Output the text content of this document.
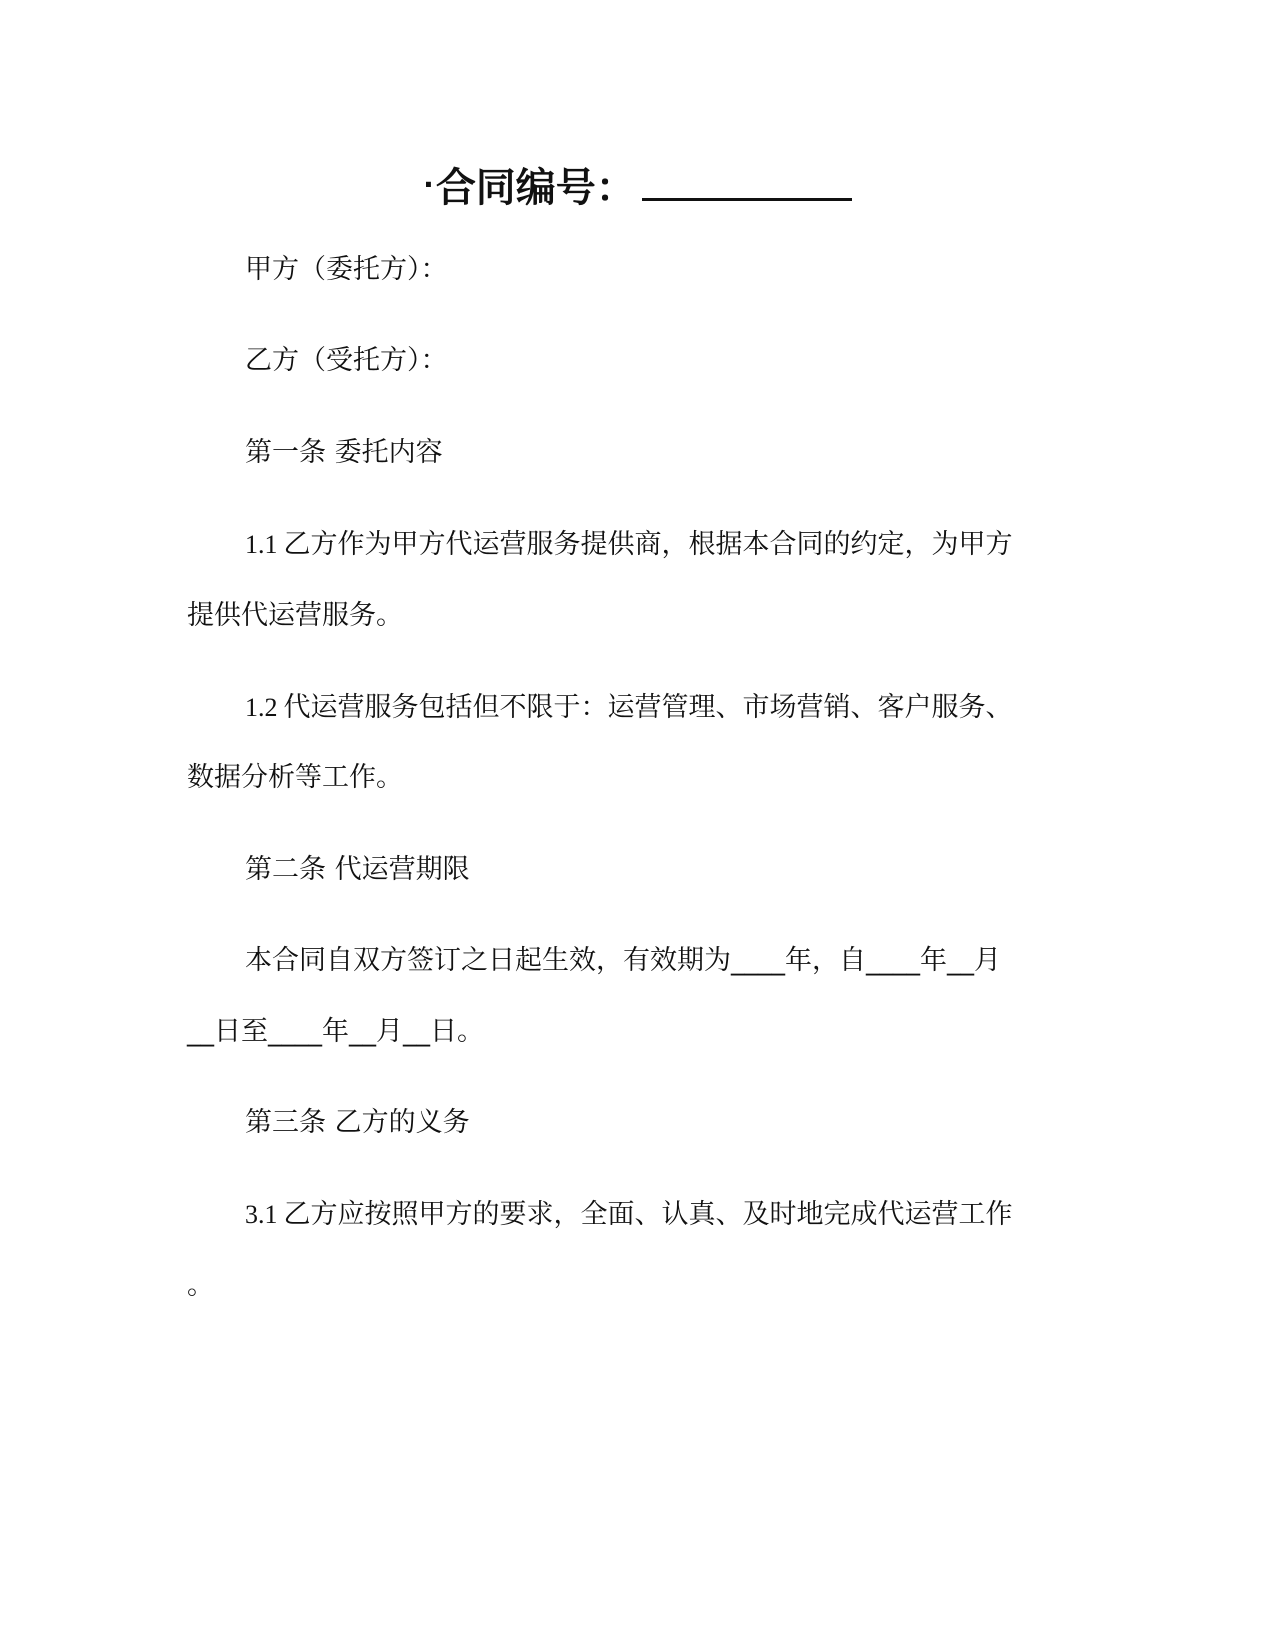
·合同编号：
甲方（委托方）：
乙方（受托方）：
第一条 委托内容
1.1 乙方作为甲方代运营服务提供商，根据本合同的约定，为甲方
提供代运营服务。
1.2 代运营服务包括但不限于：运营管理、市场营销、客户服务、
数据分析等工作。
第二条 代运营期限
本合同自双方签订之日起生效，有效期为____年，自____年__月
__日至____年__月__日。
第三条 乙方的义务
3.1 乙方应按照甲方的要求，全面、认真、及时地完成代运营工作
。
